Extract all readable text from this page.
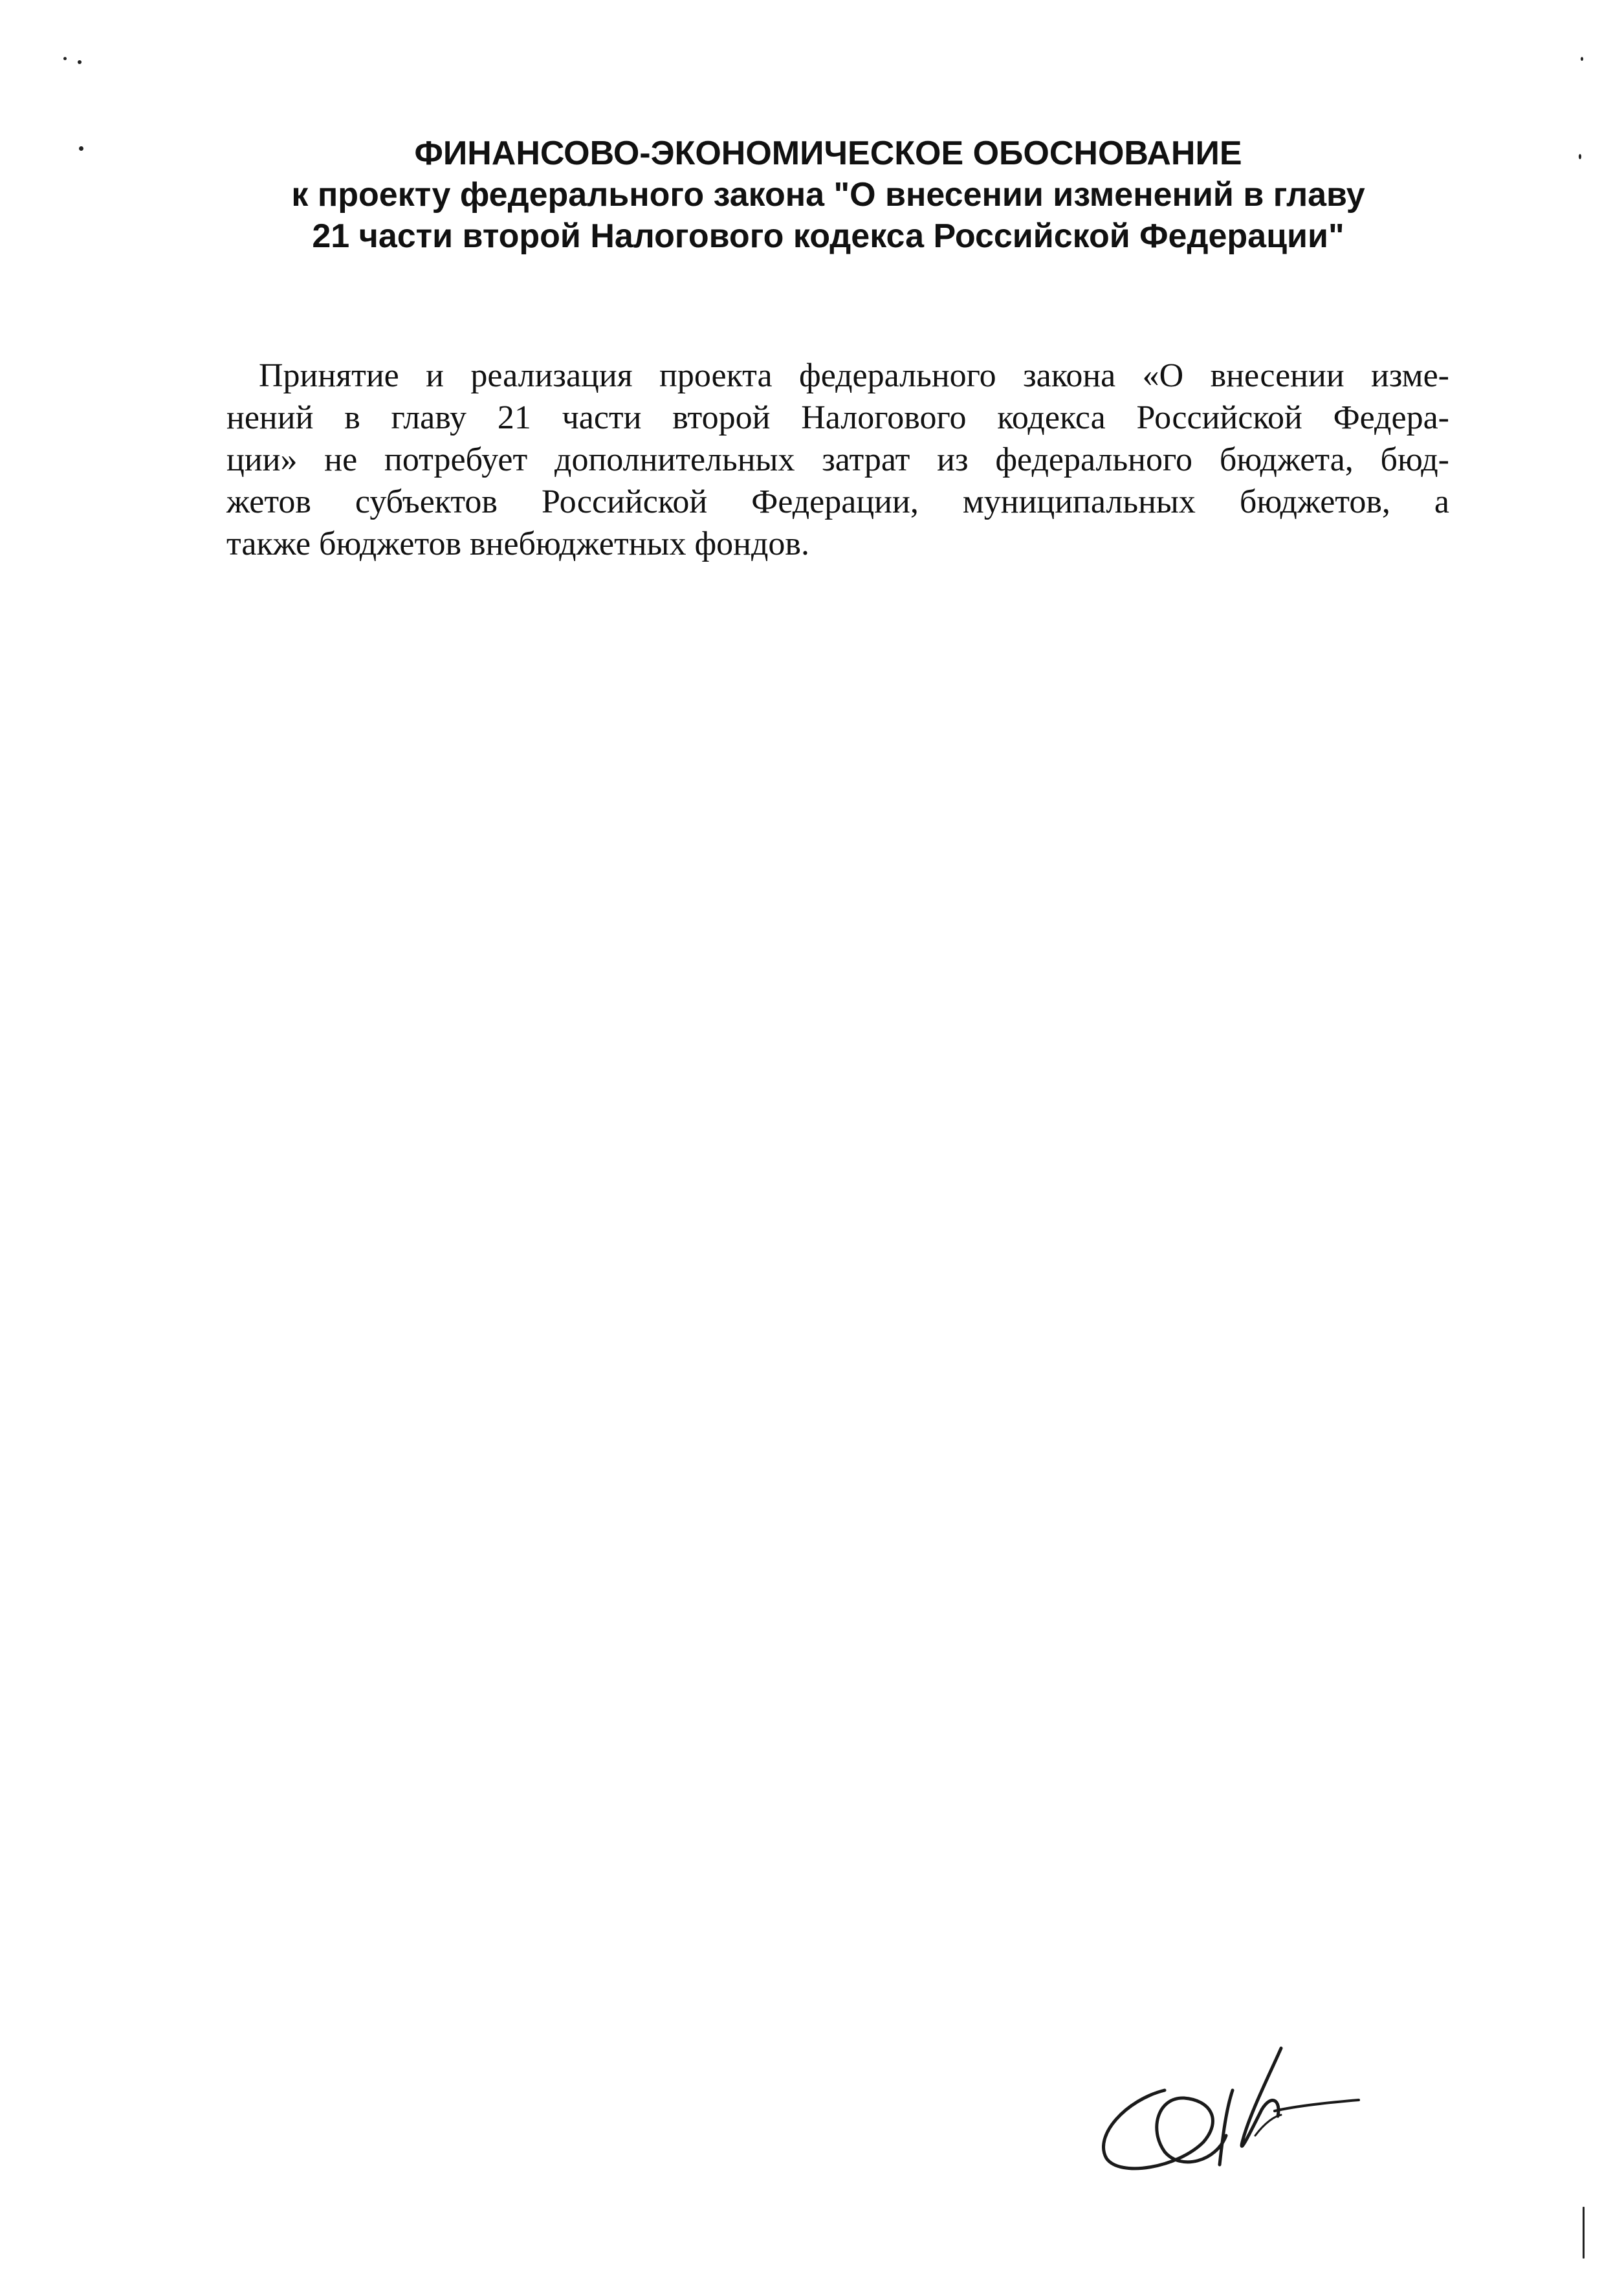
ФИНАНСОВО-ЭКОНОМИЧЕСКОЕ ОБОСНОВАНИЕ
к проекту федерального закона "О внесении изменений в главу
21 части второй Налогового кодекса Российской Федерации"
Принятие и реализация проекта федерального закона «О внесении изме-
нений в главу 21 части второй Налогового кодекса Российской Федера-
ции» не потребует дополнительных затрат из федерального бюджета, бюд-
жетов субъектов Российской Федерации, муниципальных бюджетов, а
также бюджетов внебюджетных фондов.
